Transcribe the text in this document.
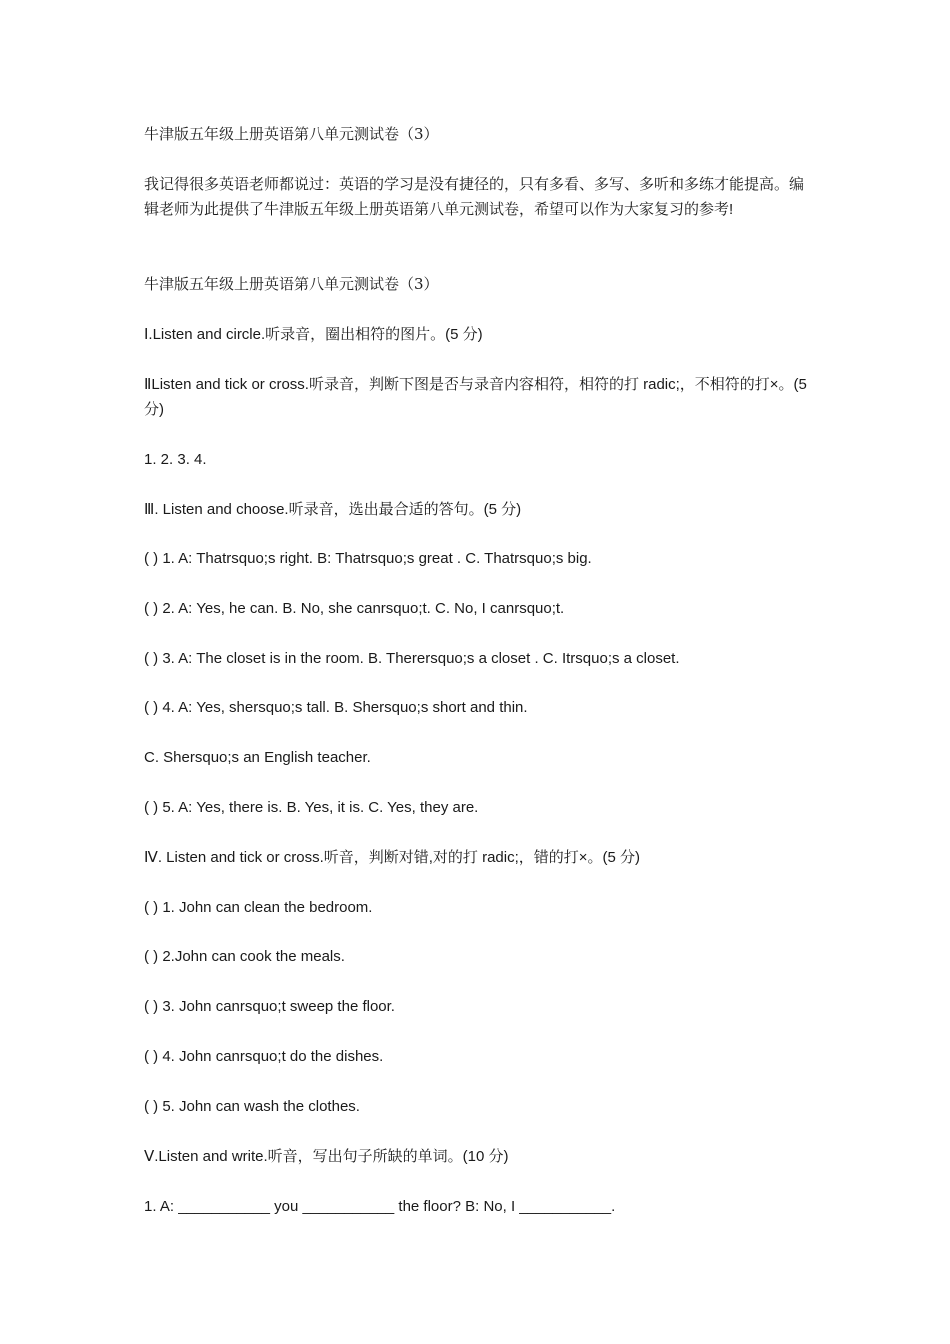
牛津版五年级上册英语第八单元测试卷（3）

我记得很多英语老师都说过：英语的学习是没有捷径的，只有多看、多写、多听和多练才能提高。编辑老师为此提供了牛津版五年级上册英语第八单元测试卷，希望可以作为大家复习的参考!

牛津版五年级上册英语第八单元测试卷（3）

Ⅰ.Listen and circle.听录音，圈出相符的图片。(5 分)

ⅡListen and tick or cross.听录音，判断下图是否与录音内容相符，相符的打 radic;，不相符的打×。(5 分)

1. 2. 3. 4.

Ⅲ. Listen and choose.听录音，选出最合适的答句。(5 分)

( ) 1. A: Thatrsquo;s right. B: Thatrsquo;s great . C. Thatrsquo;s big.

( ) 2. A: Yes, he can. B. No, she canrsquo;t. C. No, I canrsquo;t.

( ) 3. A: The closet is in the room. B. Therersquo;s a closet . C. Itrsquo;s a closet.

( ) 4. A: Yes, shersquo;s tall. B. Shersquo;s short and thin.

C. Shersquo;s an English teacher.

( ) 5. A: Yes, there is. B. Yes, it is. C. Yes, they are.

Ⅳ. Listen and tick or cross.听音，判断对错,对的打 radic;，错的打×。(5 分)

( ) 1. John can clean the bedroom.

( ) 2.John can cook the meals.

( ) 3. John canrsquo;t sweep the floor.

( ) 4. John canrsquo;t do the dishes.

( ) 5. John can wash the clothes.

Ⅴ.Listen and write.听音，写出句子所缺的单词。(10 分)

1. A: ___________ you ___________ the floor? B: No, I ___________.
